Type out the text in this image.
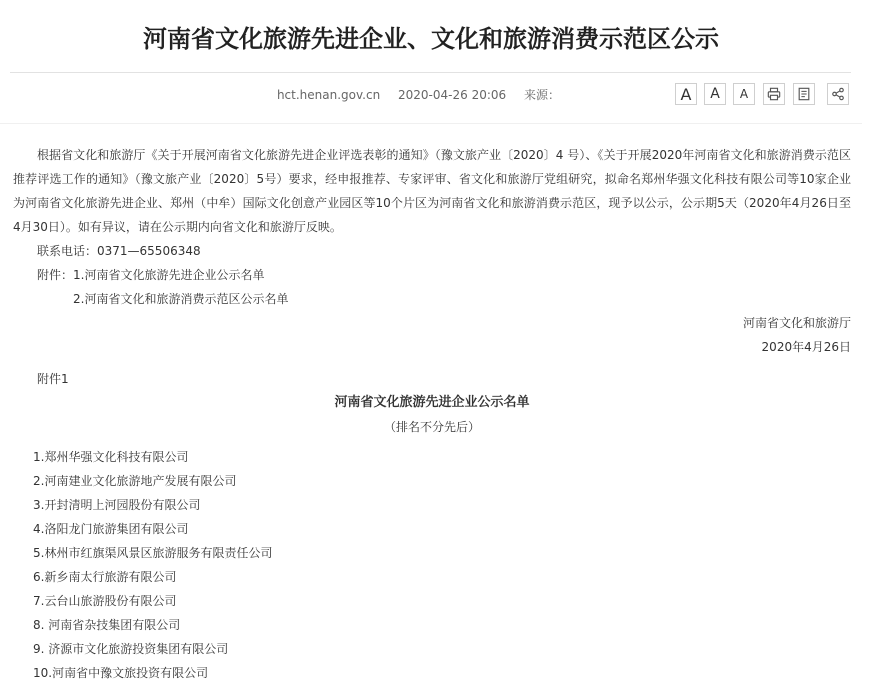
河南省文化旅游先进企业、文化和旅游消费示范区公示
hct.henan.gov.cn 2020-04-26 20:06 来源：	A	A	A

根据省文化和旅游厅《关于开展河南省文化旅游先进企业评选表彰的通知》（豫文旅产业〔2020〕4 号）、《关于开展2020年河南省文化和旅游消费示范区推荐评选工作的通知》（豫文旅产业〔2020〕5号）要求，经申报推荐、专家评审、省文化和旅游厅党组研究，拟命名郑州华强文化科技有限公司等10家企业为河南省文化旅游先进企业、郑州（中牟）国际文化创意产业园区等10个片区为河南省文化和旅游消费示范区，现予以公示，公示期5天（2020年4月26日至4月30日）。如有异议，请在公示期内向省文化和旅游厅反映。

联系电话：0371—65506348

附件：1.河南省文化旅游先进企业公示名单

2.河南省文化和旅游消费示范区公示名单

河南省文化和旅游厅

2020年4月26日

附件1

河南省文化旅游先进企业公示名单

（排名不分先后）

1.郑州华强文化科技有限公司
2.河南建业文化旅游地产发展有限公司
3.开封清明上河园股份有限公司
4.洛阳龙门旅游集团有限公司
5.林州市红旗渠风景区旅游服务有限责任公司
6.新乡南太行旅游有限公司
7.云台山旅游股份有限公司
8. 河南省杂技集团有限公司
9. 济源市文化旅游投资集团有限公司
10.河南省中豫文旅投资有限公司
